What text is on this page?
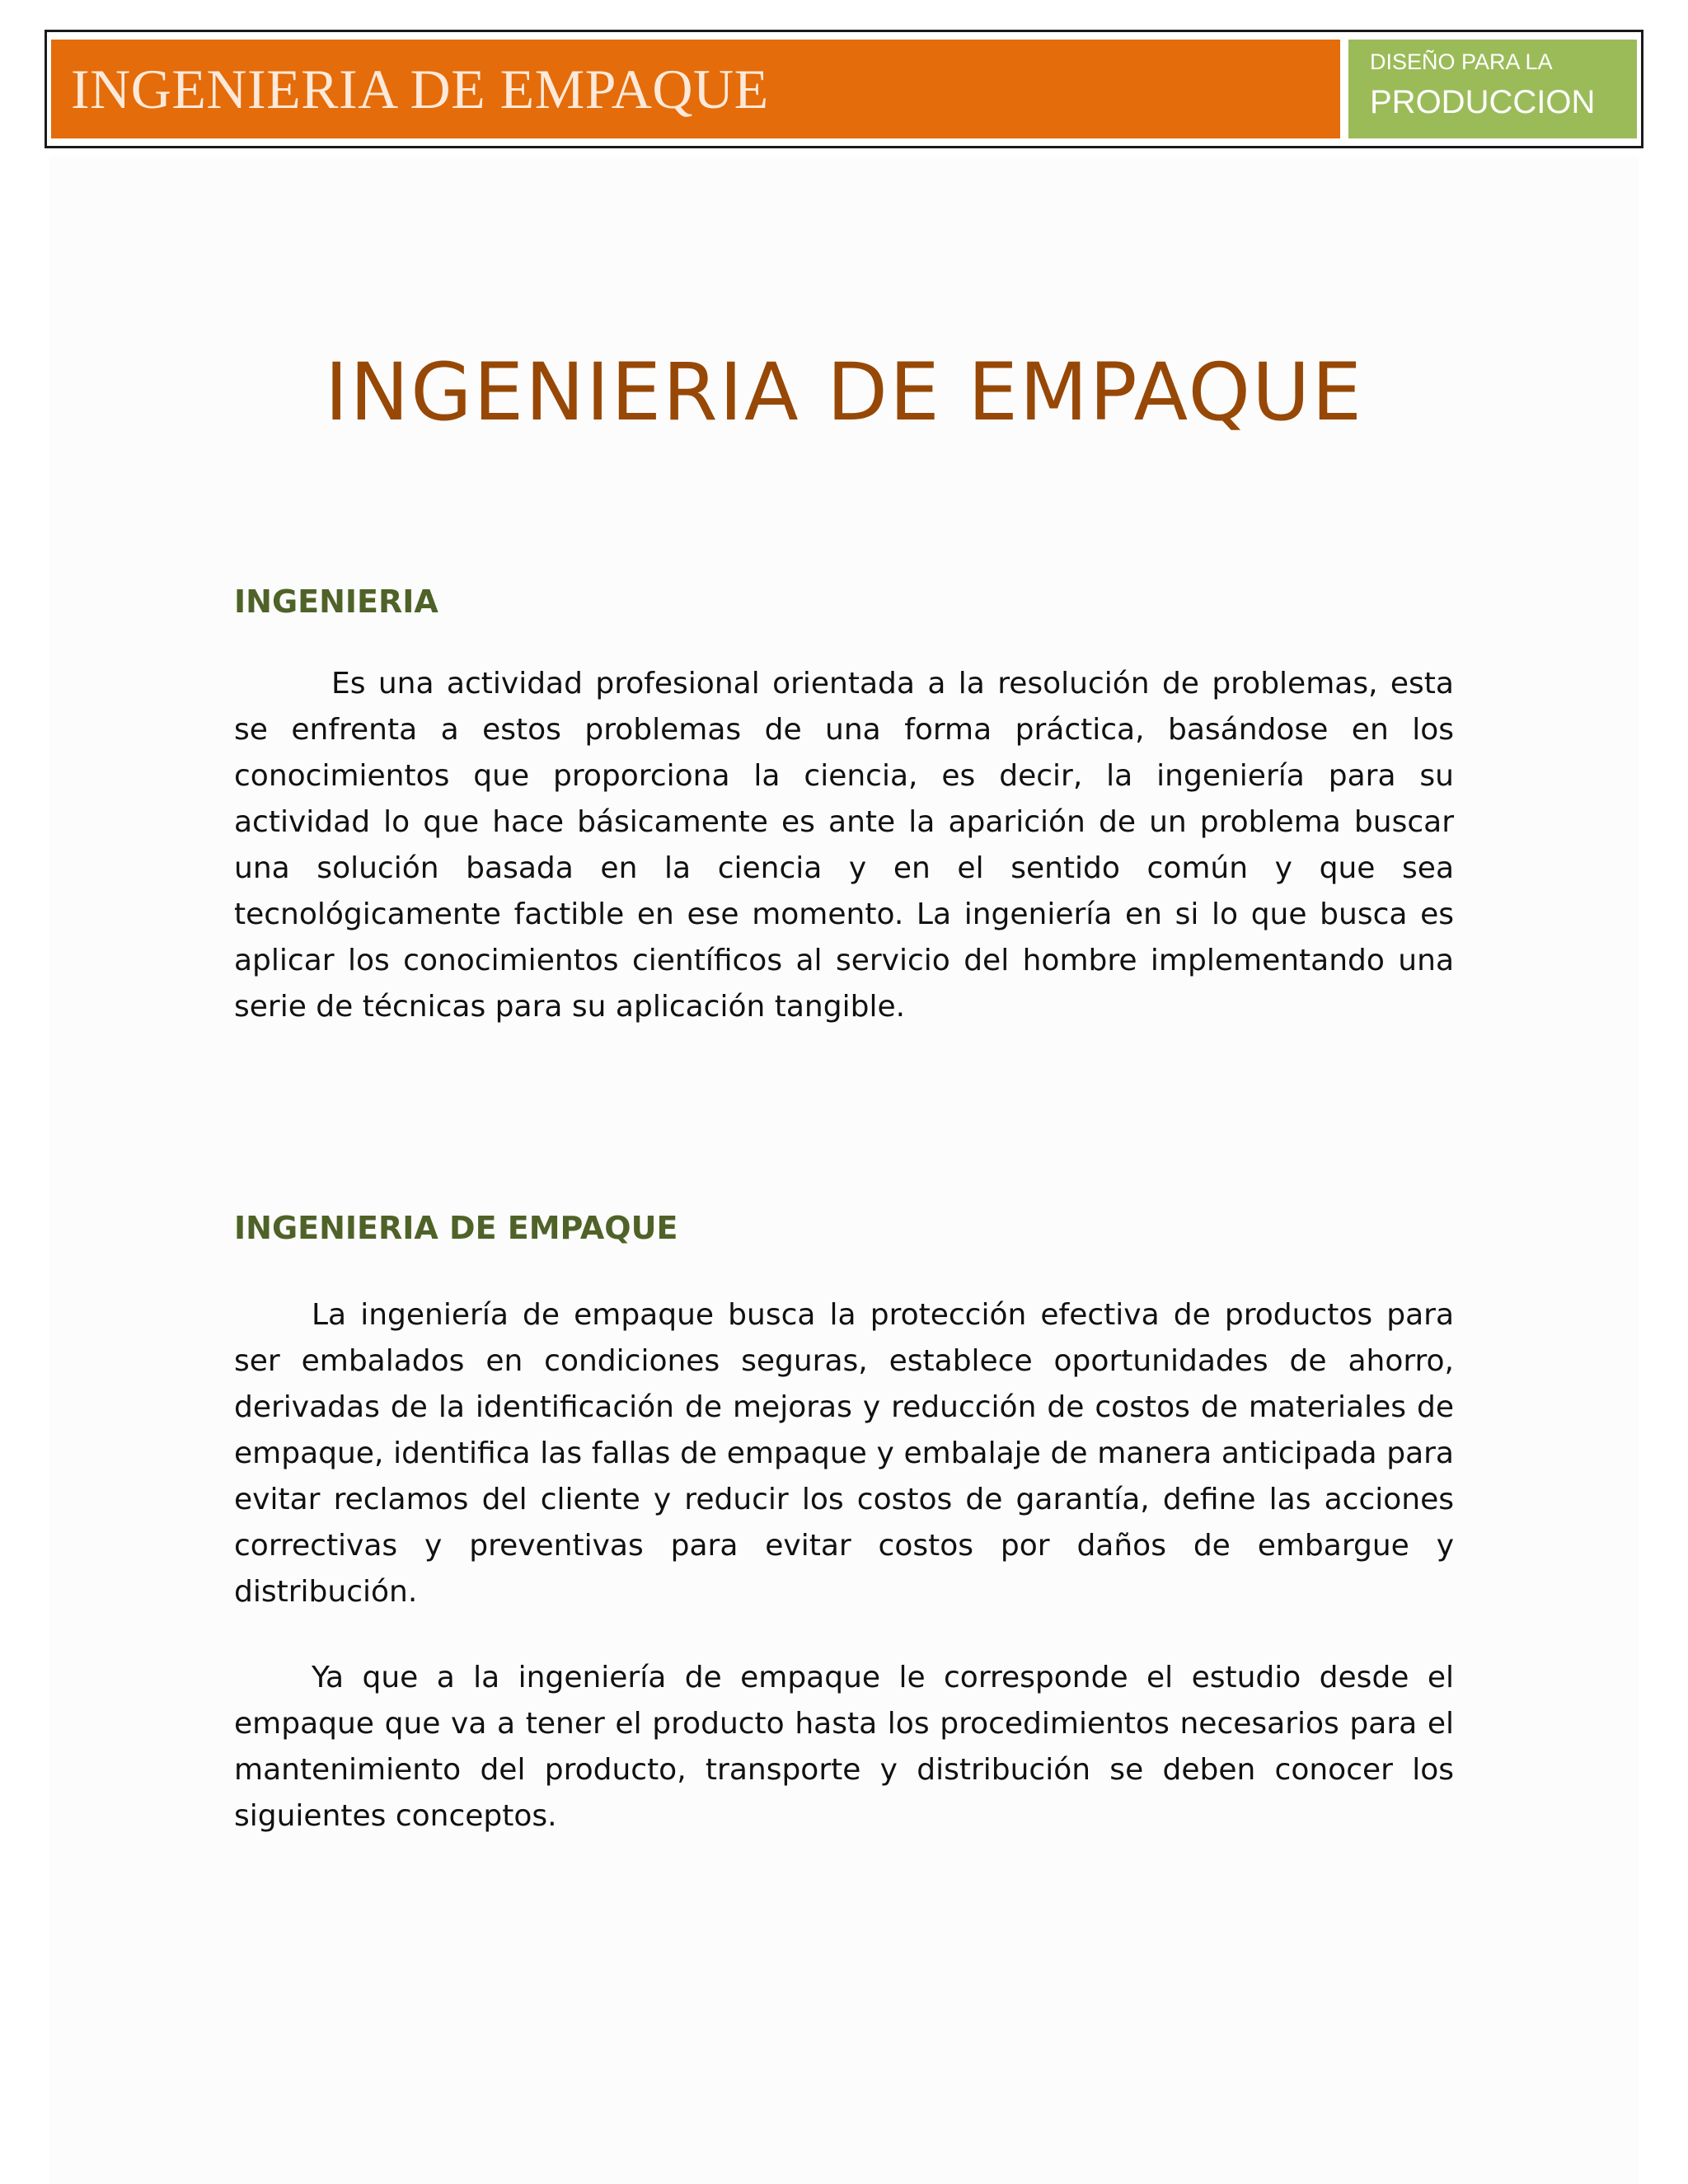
INGENIERIA DE EMPAQUE	DISEÑO PARA LA
PRODUCCION
INGENIERIA DE EMPAQUE
INGENIERIA

Es una actividad profesional orientada a la resolución de problemas, esta se enfrenta a estos problemas de una forma práctica, basándose en los conocimientos que proporciona la ciencia, es decir, la ingeniería para su actividad lo que hace básicamente es ante la aparición de un problema buscar una solución basada en la ciencia y en el sentido común y que sea tecnológicamente factible en ese momento. La ingeniería en si lo que busca es aplicar los conocimientos científicos al servicio del hombre implementando una serie de técnicas para su aplicación tangible.

INGENIERIA DE EMPAQUE

La ingeniería de empaque busca la protección efectiva de productos para ser embalados en condiciones seguras, establece oportunidades de ahorro, derivadas de la identificación de mejoras y reducción de costos de materiales de empaque, identifica las fallas de empaque y embalaje de manera anticipada para evitar reclamos del cliente y reducir los costos de garantía, define las acciones correctivas y preventivas para evitar costos por daños de embargue y distribución.

Ya que a la ingeniería de empaque le corresponde el estudio desde el empaque que va a tener el producto hasta los procedimientos necesarios para el mantenimiento del producto, transporte y distribución se deben conocer los siguientes conceptos.
